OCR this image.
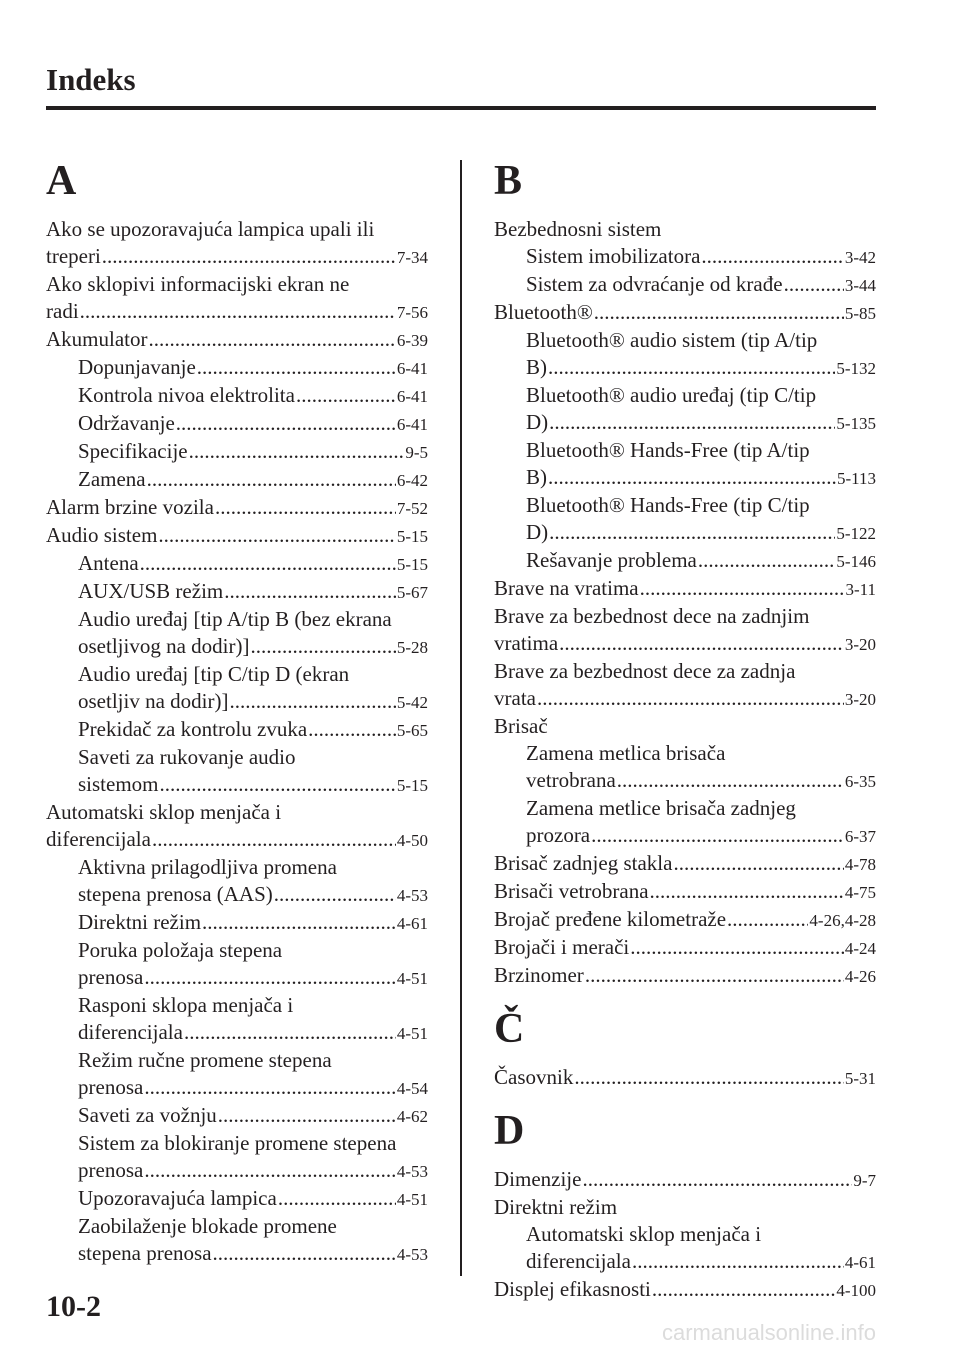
Indeks
A
Ako se upozoravajuća lampica upali ili
treperi .....	7-34
Ako sklopivi informacijski ekran ne
radi .....	7-56
Akumulator .....	6-39
Dopunjavanje .....	6-41
Kontrola nivoa elektrolita .....	6-41
Održavanje .....	6-41
Specifikacije .....	9-5
Zamena .....	6-42
Alarm brzine vozila .....	7-52
Audio sistem .....	5-15
Antena .....	5-15
AUX/USB režim .....	5-67
Audio uređaj [tip A/tip B (bez ekrana
osetljivog na dodir)] .....	5-28
Audio uređaj [tip C/tip D (ekran
osetljiv na dodir)] .....	5-42
Prekidač za kontrolu zvuka .....	5-65
Saveti za rukovanje audio
sistemom .....	5-15
Automatski sklop menjača i
diferencijala .....	4-50
Aktivna prilagodljiva promena
stepena prenosa (AAS) .....	4-53
Direktni režim .....	4-61
Poruka položaja stepena
prenosa .....	4-51
Rasponi sklopa menjača i
diferencijala .....	4-51
Režim ručne promene stepena
prenosa .....	4-54
Saveti za vožnju .....	4-62
Sistem za blokiranje promene stepena
prenosa .....	4-53
Upozoravajuća lampica .....	4-51
Zaobilaženje blokade promene
stepena prenosa .....	4-53
B
Bezbednosni sistem
Sistem imobilizatora .....	3-42
Sistem za odvraćanje od krađe .....	3-44
Bluetooth® .....	5-85
Bluetooth® audio sistem (tip A/tip
B) .....	5-132
Bluetooth® audio uređaj (tip C/tip
D) .....	5-135
Bluetooth® Hands-Free (tip A/tip
B) .....	5-113
Bluetooth® Hands-Free (tip C/tip
D) .....	5-122
Rešavanje problema .....	5-146
Brave na vratima .....	3-11
Brave za bezbednost dece na zadnjim
vratima .....	3-20
Brave za bezbednost dece za zadnja
vrata .....	3-20
Brisač
Zamena metlica brisača
vetrobrana .....	6-35
Zamena metlice brisača zadnjeg
prozora .....	6-37
Brisač zadnjeg stakla .....	4-78
Brisači vetrobrana .....	4-75
Brojač pređene kilometraže .....	4-26,4-28
Brojači i merači .....	4-24
Brzinomer .....	4-26
Č
Časovnik .....	5-31
D
Dimenzije .....	9-7
Direktni režim
Automatski sklop menjača i
diferencijala .....	4-61
Displej efikasnosti .....	4-100
10-2
carmanualsonline.info
